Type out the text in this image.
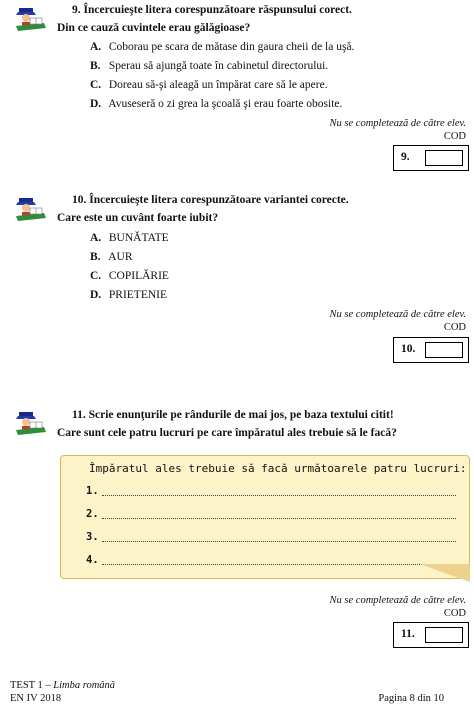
9. Încercuieşte litera corespunzătoare răspunsului corect.
Din ce cauză cuvintele erau gălăgioase?
A. Coborau pe scara de mătase din gaura cheii de la uşă.
B. Sperau să ajungă toate în cabinetul directorului.
C. Doreau să-şi aleagă un împărat care să le apere.
D. Avuseseră o zi grea la şcoală şi erau foarte obosite.
Nu se completează de către elev.
COD
9.
10. Încercuieşte litera corespunzătoare variantei corecte.
Care este un cuvânt foarte iubit?
A. BUNĂTATE
B. AUR
C. COPILĂRIE
D. PRIETENIE
Nu se completează de către elev.
COD
10.
11. Scrie enunţurile pe rândurile de mai jos, pe baza textului citit!
Care sunt cele patru lucruri pe care împăratul ales trebuie să le facă?
Împăratul ales trebuie să facă următoarele patru lucruri:
1.
2.
3.
4.
Nu se completează de către elev.
COD
11.
TEST 1 – Limba română
EN IV 2018	Pagina 8 din 10
